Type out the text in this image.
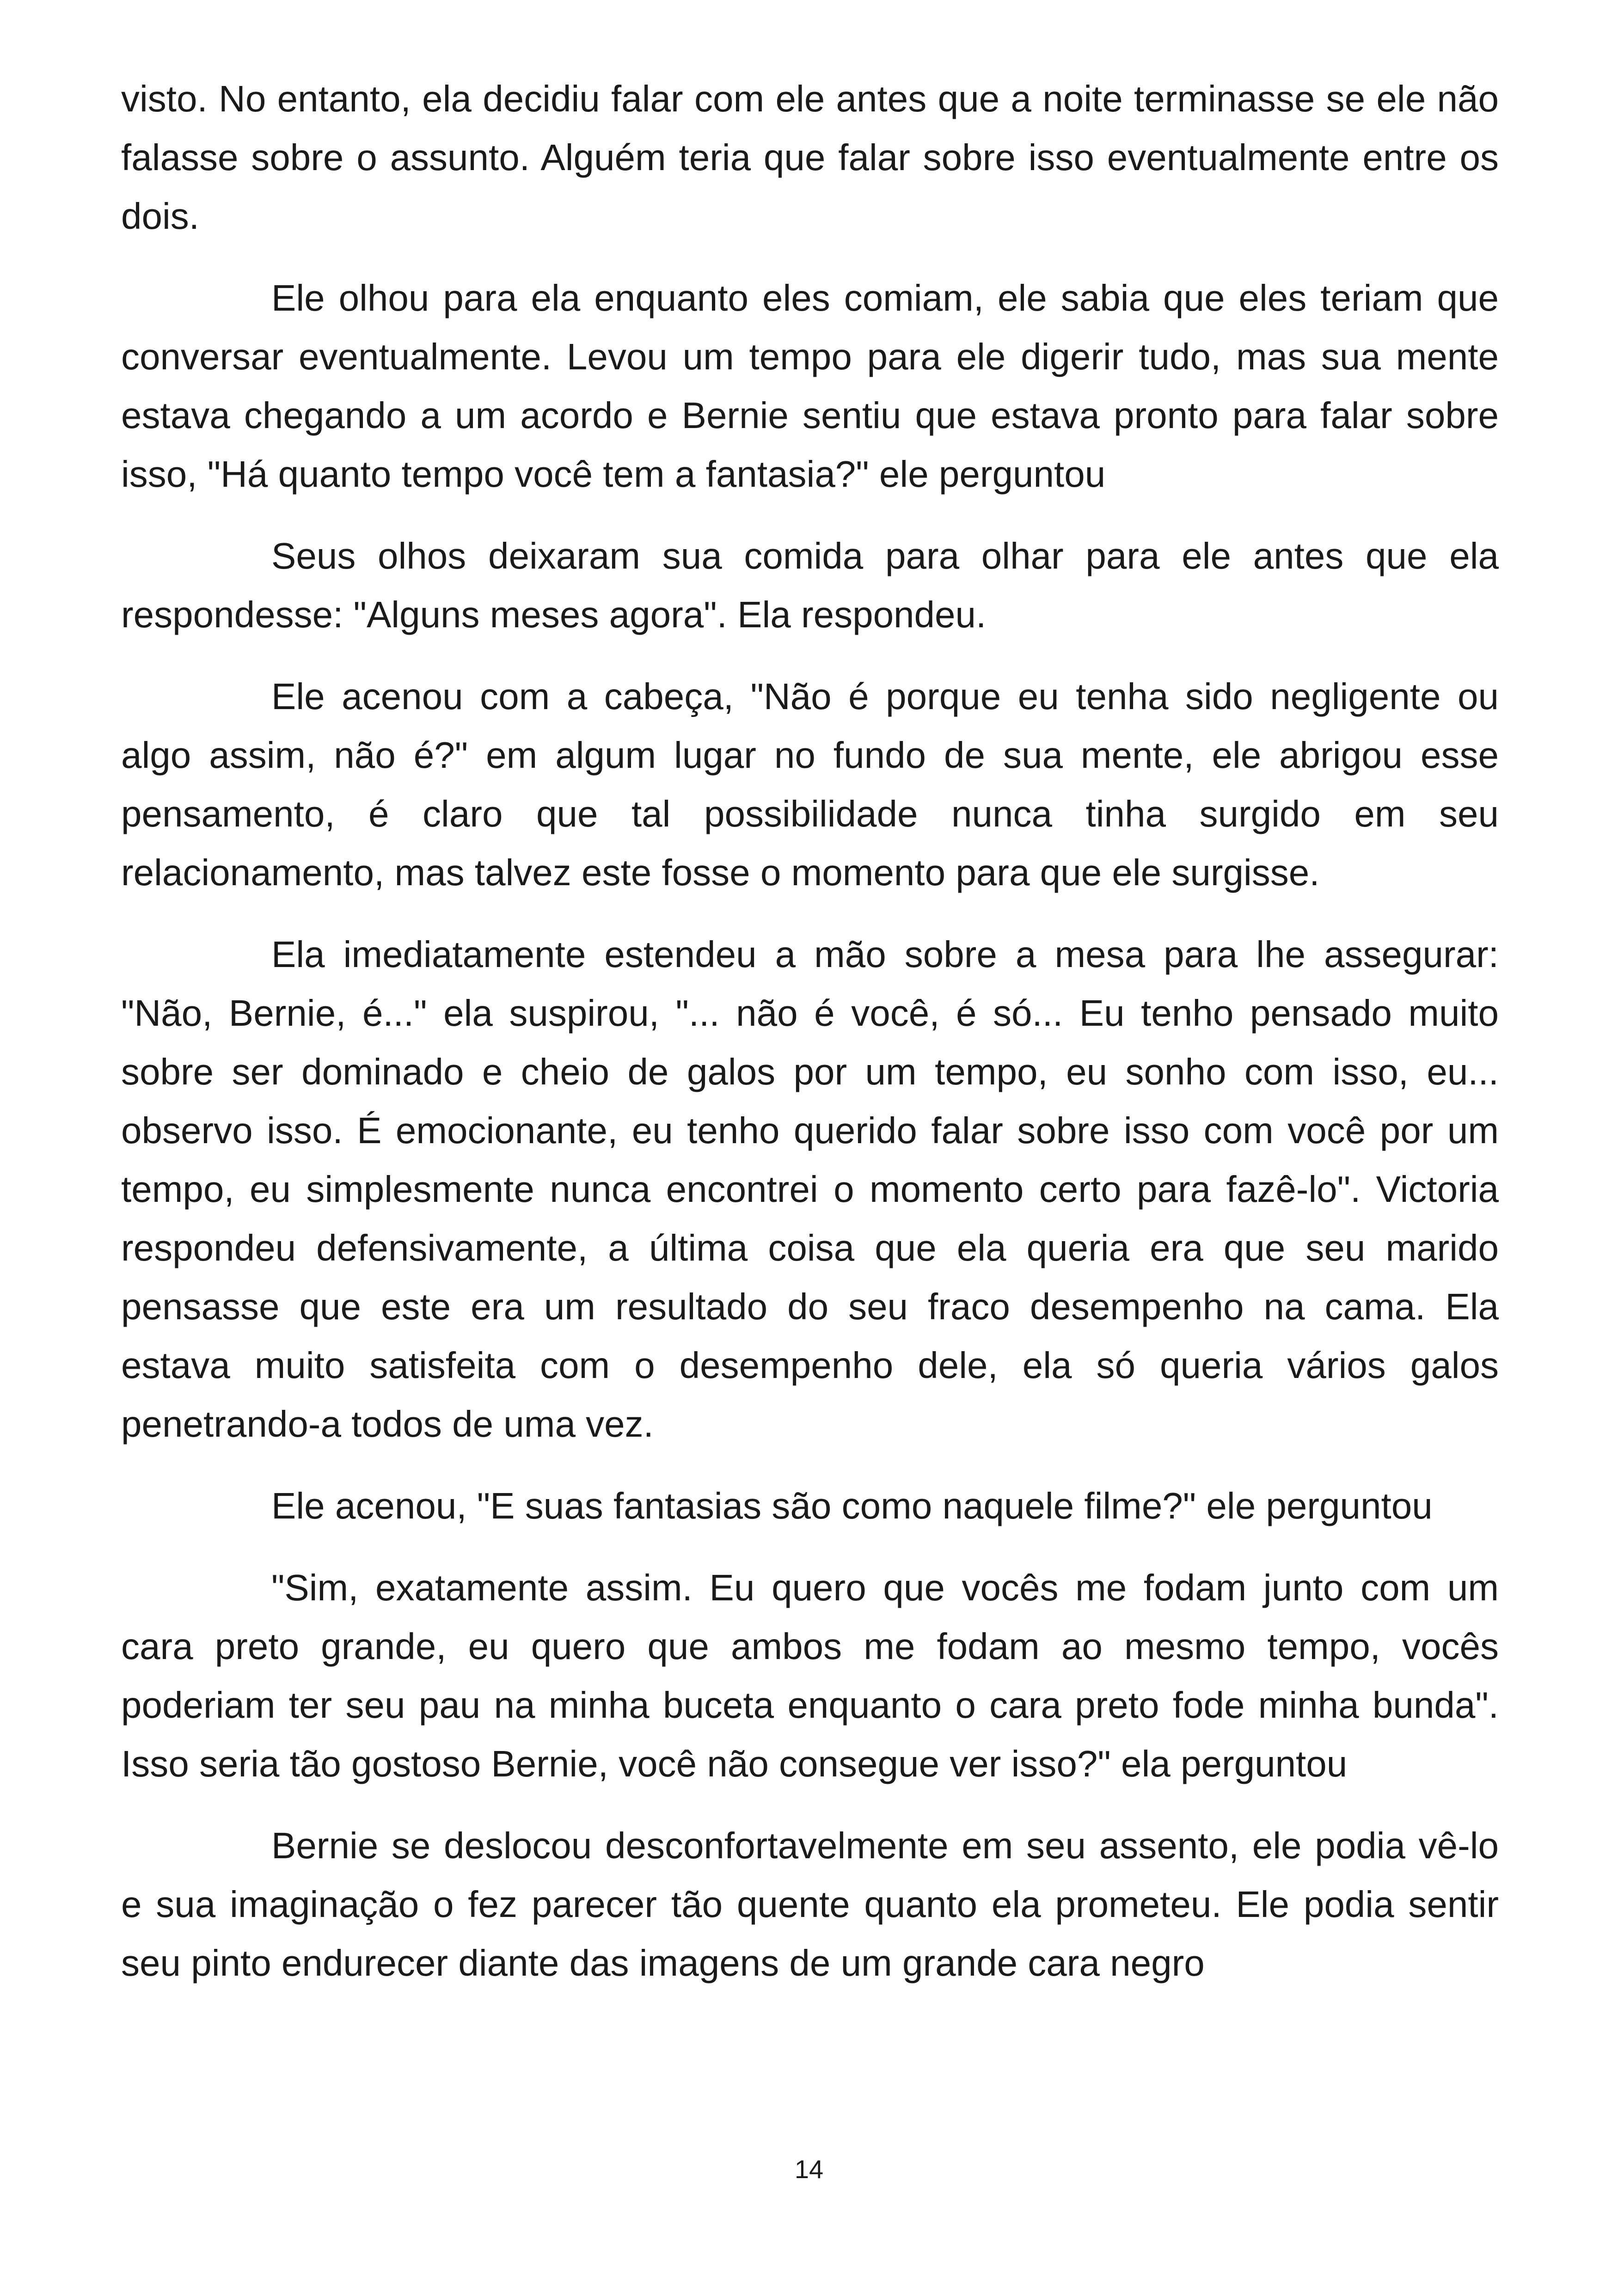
visto. No entanto, ela decidiu falar com ele antes que a noite terminasse se ele não falasse sobre o assunto. Alguém teria que falar sobre isso eventualmente entre os dois.

Ele olhou para ela enquanto eles comiam, ele sabia que eles teriam que conversar eventualmente. Levou um tempo para ele digerir tudo, mas sua mente estava chegando a um acordo e Bernie sentiu que estava pronto para falar sobre isso, "Há quanto tempo você tem a fantasia?" ele perguntou

Seus olhos deixaram sua comida para olhar para ele antes que ela respondesse: "Alguns meses agora". Ela respondeu.

Ele acenou com a cabeça, "Não é porque eu tenha sido negligente ou algo assim, não é?" em algum lugar no fundo de sua mente, ele abrigou esse pensamento, é claro que tal possibilidade nunca tinha surgido em seu relacionamento, mas talvez este fosse o momento para que ele surgisse.

Ela imediatamente estendeu a mão sobre a mesa para lhe assegurar: "Não, Bernie, é..." ela suspirou, "... não é você, é só... Eu tenho pensado muito sobre ser dominado e cheio de galos por um tempo, eu sonho com isso, eu... observo isso. É emocionante, eu tenho querido falar sobre isso com você por um tempo, eu simplesmente nunca encontrei o momento certo para fazê-lo". Victoria respondeu defensivamente, a última coisa que ela queria era que seu marido pensasse que este era um resultado do seu fraco desempenho na cama. Ela estava muito satisfeita com o desempenho dele, ela só queria vários galos penetrando-a todos de uma vez.

Ele acenou, "E suas fantasias são como naquele filme?" ele perguntou

"Sim, exatamente assim. Eu quero que vocês me fodam junto com um cara preto grande, eu quero que ambos me fodam ao mesmo tempo, vocês poderiam ter seu pau na minha buceta enquanto o cara preto fode minha bunda". Isso seria tão gostoso Bernie, você não consegue ver isso?" ela perguntou

Bernie se deslocou desconfortavelmente em seu assento, ele podia vê-lo e sua imaginação o fez parecer tão quente quanto ela prometeu. Ele podia sentir seu pinto endurecer diante das imagens de um grande cara negro

14
